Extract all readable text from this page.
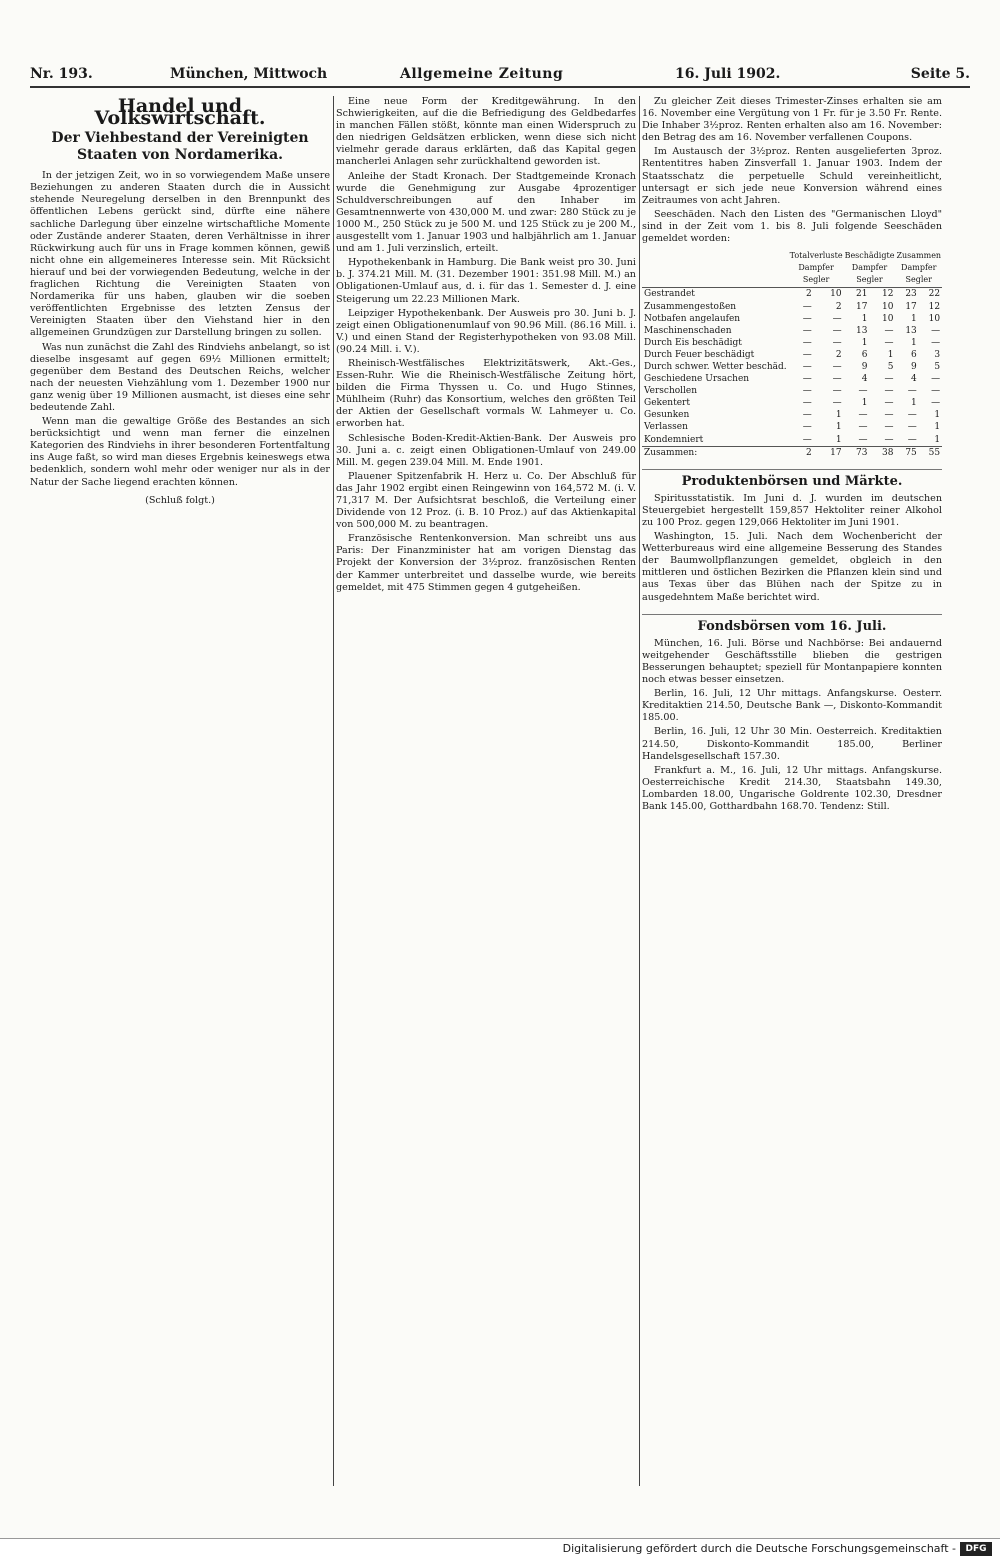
Nr. 193.	München, Mittwoch	Allgemeine Zeitung	16. Juli 1902.	Seite 5.
Handel und Volkswirtschaft.
Der Viehbestand der Vereinigten Staaten von Nordamerika.

In der jetzigen Zeit, wo in so vorwiegendem Maße unsere Beziehungen zu anderen Staaten durch die in Aussicht stehende Neuregelung derselben in den Brennpunkt des öffentlichen Lebens gerückt sind, dürfte eine nähere sachliche Darlegung über einzelne wirtschaftliche Momente oder Zustände anderer Staaten, deren Verhältnisse in ihrer Rückwirkung auch für uns in Frage kommen können, gewiß nicht ohne ein allgemeineres Interesse sein. Mit Rücksicht hierauf und bei der vorwiegenden Bedeutung, welche in der fraglichen Richtung die Vereinigten Staaten von Nordamerika für uns haben, glauben wir die soeben veröffentlichten Ergebnisse des letzten Zensus der Vereinigten Staaten über den Viehstand hier in den allgemeinen Grundzügen zur Darstellung bringen zu sollen.

Was nun zunächst die Zahl des Rindviehs anbelangt, so ist dieselbe insgesamt auf gegen 69½ Millionen ermittelt; gegenüber dem Bestand des Deutschen Reichs, welcher nach der neuesten Viehzählung vom 1. Dezember 1900 nur ganz wenig über 19 Millionen ausmacht, ist dieses eine sehr bedeutende Zahl.

Wenn man die gewaltige Größe des Bestandes an sich berücksichtigt und wenn man ferner die einzelnen Kategorien des Rindviehs in ihrer besonderen Fortentfaltung ins Auge faßt, so wird man dieses Ergebnis keineswegs etwa bedenklich, sondern wohl mehr oder weniger nur als in der Natur der Sache liegend erachten können.

(Schluß folgt.)

Eine neue Form der Kreditgewährung. In den Schwierigkeiten, auf die die Befriedigung des Geldbedarfes in manchen Fällen stößt, könnte man einen Widerspruch zu den niedrigen Geldsätzen erblicken, wenn diese sich nicht vielmehr gerade daraus erklärten, daß das Kapital gegen mancherlei Anlagen sehr zurückhaltend geworden ist.

Anleihe der Stadt Kronach. Der Stadtgemeinde Kronach wurde die Genehmigung zur Ausgabe 4prozentiger Schuldverschreibungen auf den Inhaber im Gesamtnennwerte von 430,000 M. und zwar: 280 Stück zu je 1000 M., 250 Stück zu je 500 M. und 125 Stück zu je 200 M., ausgestellt vom 1. Januar 1903 und halbjährlich am 1. Januar und am 1. Juli verzinslich, erteilt.

Hypothekenbank in Hamburg. Die Bank weist pro 30. Juni b. J. 374.21 Mill. M. (31. Dezember 1901: 351.98 Mill. M.) an Obligationen-Umlauf aus, d. i. für das 1. Semester d. J. eine Steigerung um 22.23 Millionen Mark.

Leipziger Hypothekenbank. Der Ausweis pro 30. Juni b. J. zeigt einen Obligationenumlauf von 90.96 Mill. (86.16 Mill. i. V.) und einen Stand der Registerhypotheken von 93.08 Mill. (90.24 Mill. i. V.).

Rheinisch-Westfälisches Elektrizitätswerk, Akt.-Ges., Essen-Ruhr. Wie die Rheinisch-Westfälische Zeitung hört, bilden die Firma Thyssen u. Co. und Hugo Stinnes, Mühlheim (Ruhr) das Konsortium, welches den größten Teil der Aktien der Gesellschaft vormals W. Lahmeyer u. Co. erworben hat.

Schlesische Boden-Kredit-Aktien-Bank. Der Ausweis pro 30. Juni a. c. zeigt einen Obligationen-Umlauf von 249.00 Mill. M. gegen 239.04 Mill. M. Ende 1901.

Plauener Spitzenfabrik H. Herz u. Co. Der Abschluß für das Jahr 1902 ergibt einen Reingewinn von 164,572 M. (i. V. 71,317 M. Der Aufsichtsrat beschloß, die Verteilung einer Dividende von 12 Proz. (i. B. 10 Proz.) auf das Aktienkapital von 500,000 M. zu beantragen.

Französische Rentenkonversion. Man schreibt uns aus Paris: Der Finanzminister hat am vorigen Dienstag das Projekt der Konversion der 3½proz. französischen Renten der Kammer unterbreitet und dasselbe wurde, wie bereits gemeldet, mit 475 Stimmen gegen 4 gutgeheißen.

Zu gleicher Zeit dieses Trimester-Zinses erhalten sie am 16. November eine Vergütung von 1 Fr. für je 3.50 Fr. Rente. Die Inhaber 3½proz. Renten erhalten also am 16. November: den Betrag des am 16. November verfallenen Coupons.

Im Austausch der 3½proz. Renten ausgelieferten 3proz. Rententitres haben Zinsverfall 1. Januar 1903. Indem der Staatsschatz die perpetuelle Schuld vereinheitlicht, untersagt er sich jede neue Konversion während eines Zeitraumes von acht Jahren.

Seeschäden. Nach den Listen des "Germanischen Lloyd" sind in der Zeit vom 1. bis 8. Juli folgende Seeschäden gemeldet worden:

	Totalverluste Dampfer Segler		Beschädigte Dampfer Segler		Zusammen Dampfer Segler	
Gestrandet	2	10	21	12	23	22
Zusammengestoßen	—	2	17	10	17	12
Notbafen angelaufen	—	—	1	10	1	10
Maschinenschaden	—	—	13	—	13	—
Durch Eis beschädigt	—	—	1	—	1	—
Durch Feuer beschädigt	—	2	6	1	6	3
Durch schwer. Wetter beschäd.	—	—	9	5	9	5
Geschiedene Ursachen	—	—	4	—	4	—
Verschollen	—	—	—	—	—	—
Gekentert	—	—	1	—	1	—
Gesunken	—	1	—	—	—	1
Verlassen	—	1	—	—	—	1
Kondemniert	—	1	—	—	—	1
Zusammen:	2	17	73	38	75	55
Produktenbörsen und Märkte.

Spiritusstatistik. Im Juni d. J. wurden im deutschen Steuergebiet hergestellt 159,857 Hektoliter reiner Alkohol zu 100 Proz. gegen 129,066 Hektoliter im Juni 1901.

Washington, 15. Juli. Nach dem Wochenbericht der Wetterbureaus wird eine allgemeine Besserung des Standes der Baumwollpflanzungen gemeldet, obgleich in den mittleren und östlichen Bezirken die Pflanzen klein sind und aus Texas über das Blühen nach der Spitze zu in ausgedehntem Maße berichtet wird.

Fondsbörsen vom 16. Juli.

München, 16. Juli. Börse und Nachbörse: Bei andauernd weitgehender Geschäftsstille blieben die gestrigen Besserungen behauptet; speziell für Montanpapiere konnten noch etwas besser einsetzen.

Berlin, 16. Juli, 12 Uhr mittags. Anfangskurse. Oesterr. Kreditaktien 214.50, Deutsche Bank —, Diskonto-Kommandit 185.00.

Berlin, 16. Juli, 12 Uhr 30 Min. Oesterreich. Kreditaktien 214.50, Diskonto-Kommandit 185.00, Berliner Handelsgesellschaft 157.30.

Frankfurt a. M., 16. Juli, 12 Uhr mittags. Anfangskurse. Oesterreichische Kredit 214.30, Staatsbahn 149.30, Lombarden 18.00, Ungarische Goldrente 102.30, Dresdner Bank 145.00, Gotthardbahn 168.70. Tendenz: Still.

Digitalisierung gefördert durch die Deutsche Forschungsgemeinschaft -	DFG
